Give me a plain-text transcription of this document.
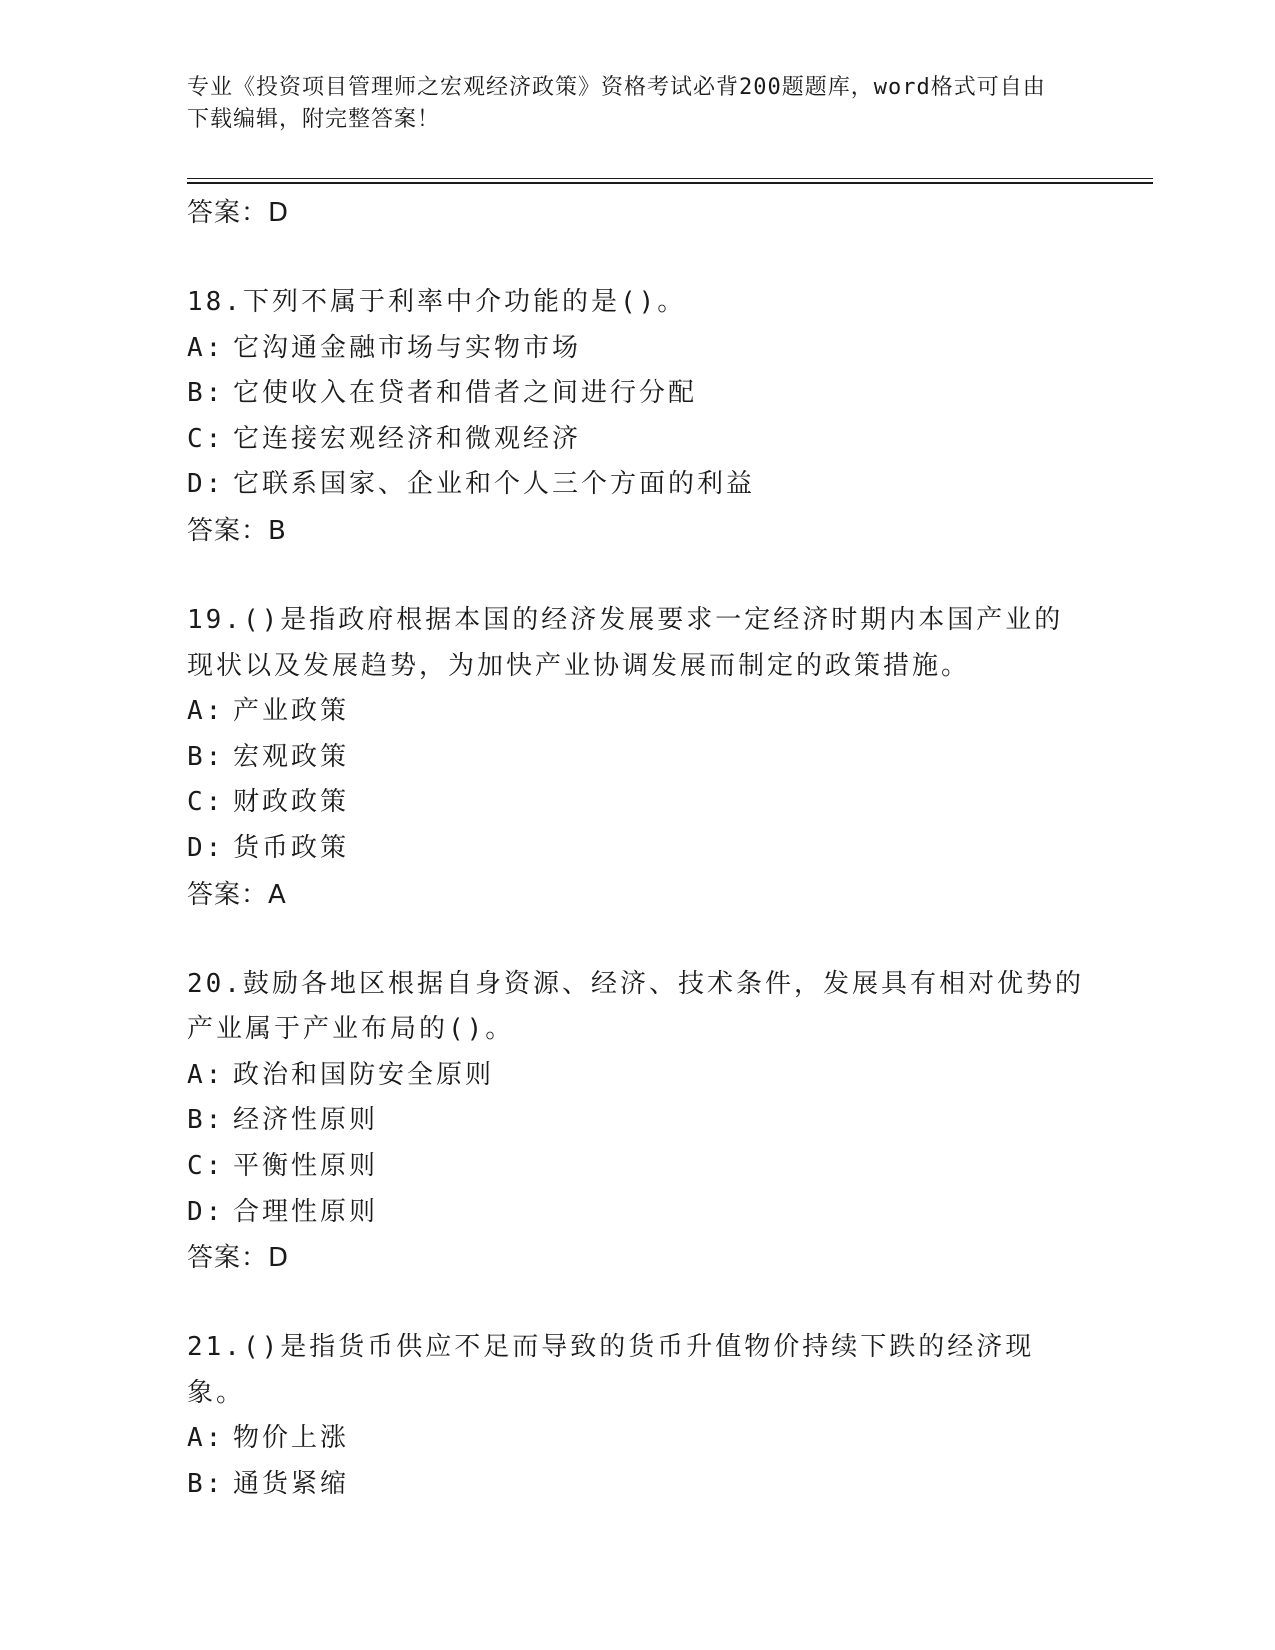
专业《投资项目管理师之宏观经济政策》资格考试必背200题题库，word格式可自由下载编辑，附完整答案！
答案：D

18.下列不属于利率中介功能的是()。

A: 它沟通金融市场与实物市场
B: 它使收入在贷者和借者之间进行分配
C: 它连接宏观经济和微观经济
D: 它联系国家、企业和个人三个方面的利益
答案：B

19.()是指政府根据本国的经济发展要求一定经济时期内本国产业的现状以及发展趋势，为加快产业协调发展而制定的政策措施。

A: 产业政策
B: 宏观政策
C: 财政政策
D: 货币政策
答案：A

20.鼓励各地区根据自身资源、经济、技术条件，发展具有相对优势的产业属于产业布局的()。

A: 政治和国防安全原则
B: 经济性原则
C: 平衡性原则
D: 合理性原则
答案：D

21.()是指货币供应不足而导致的货币升值物价持续下跌的经济现象。

A: 物价上涨
B: 通货紧缩
